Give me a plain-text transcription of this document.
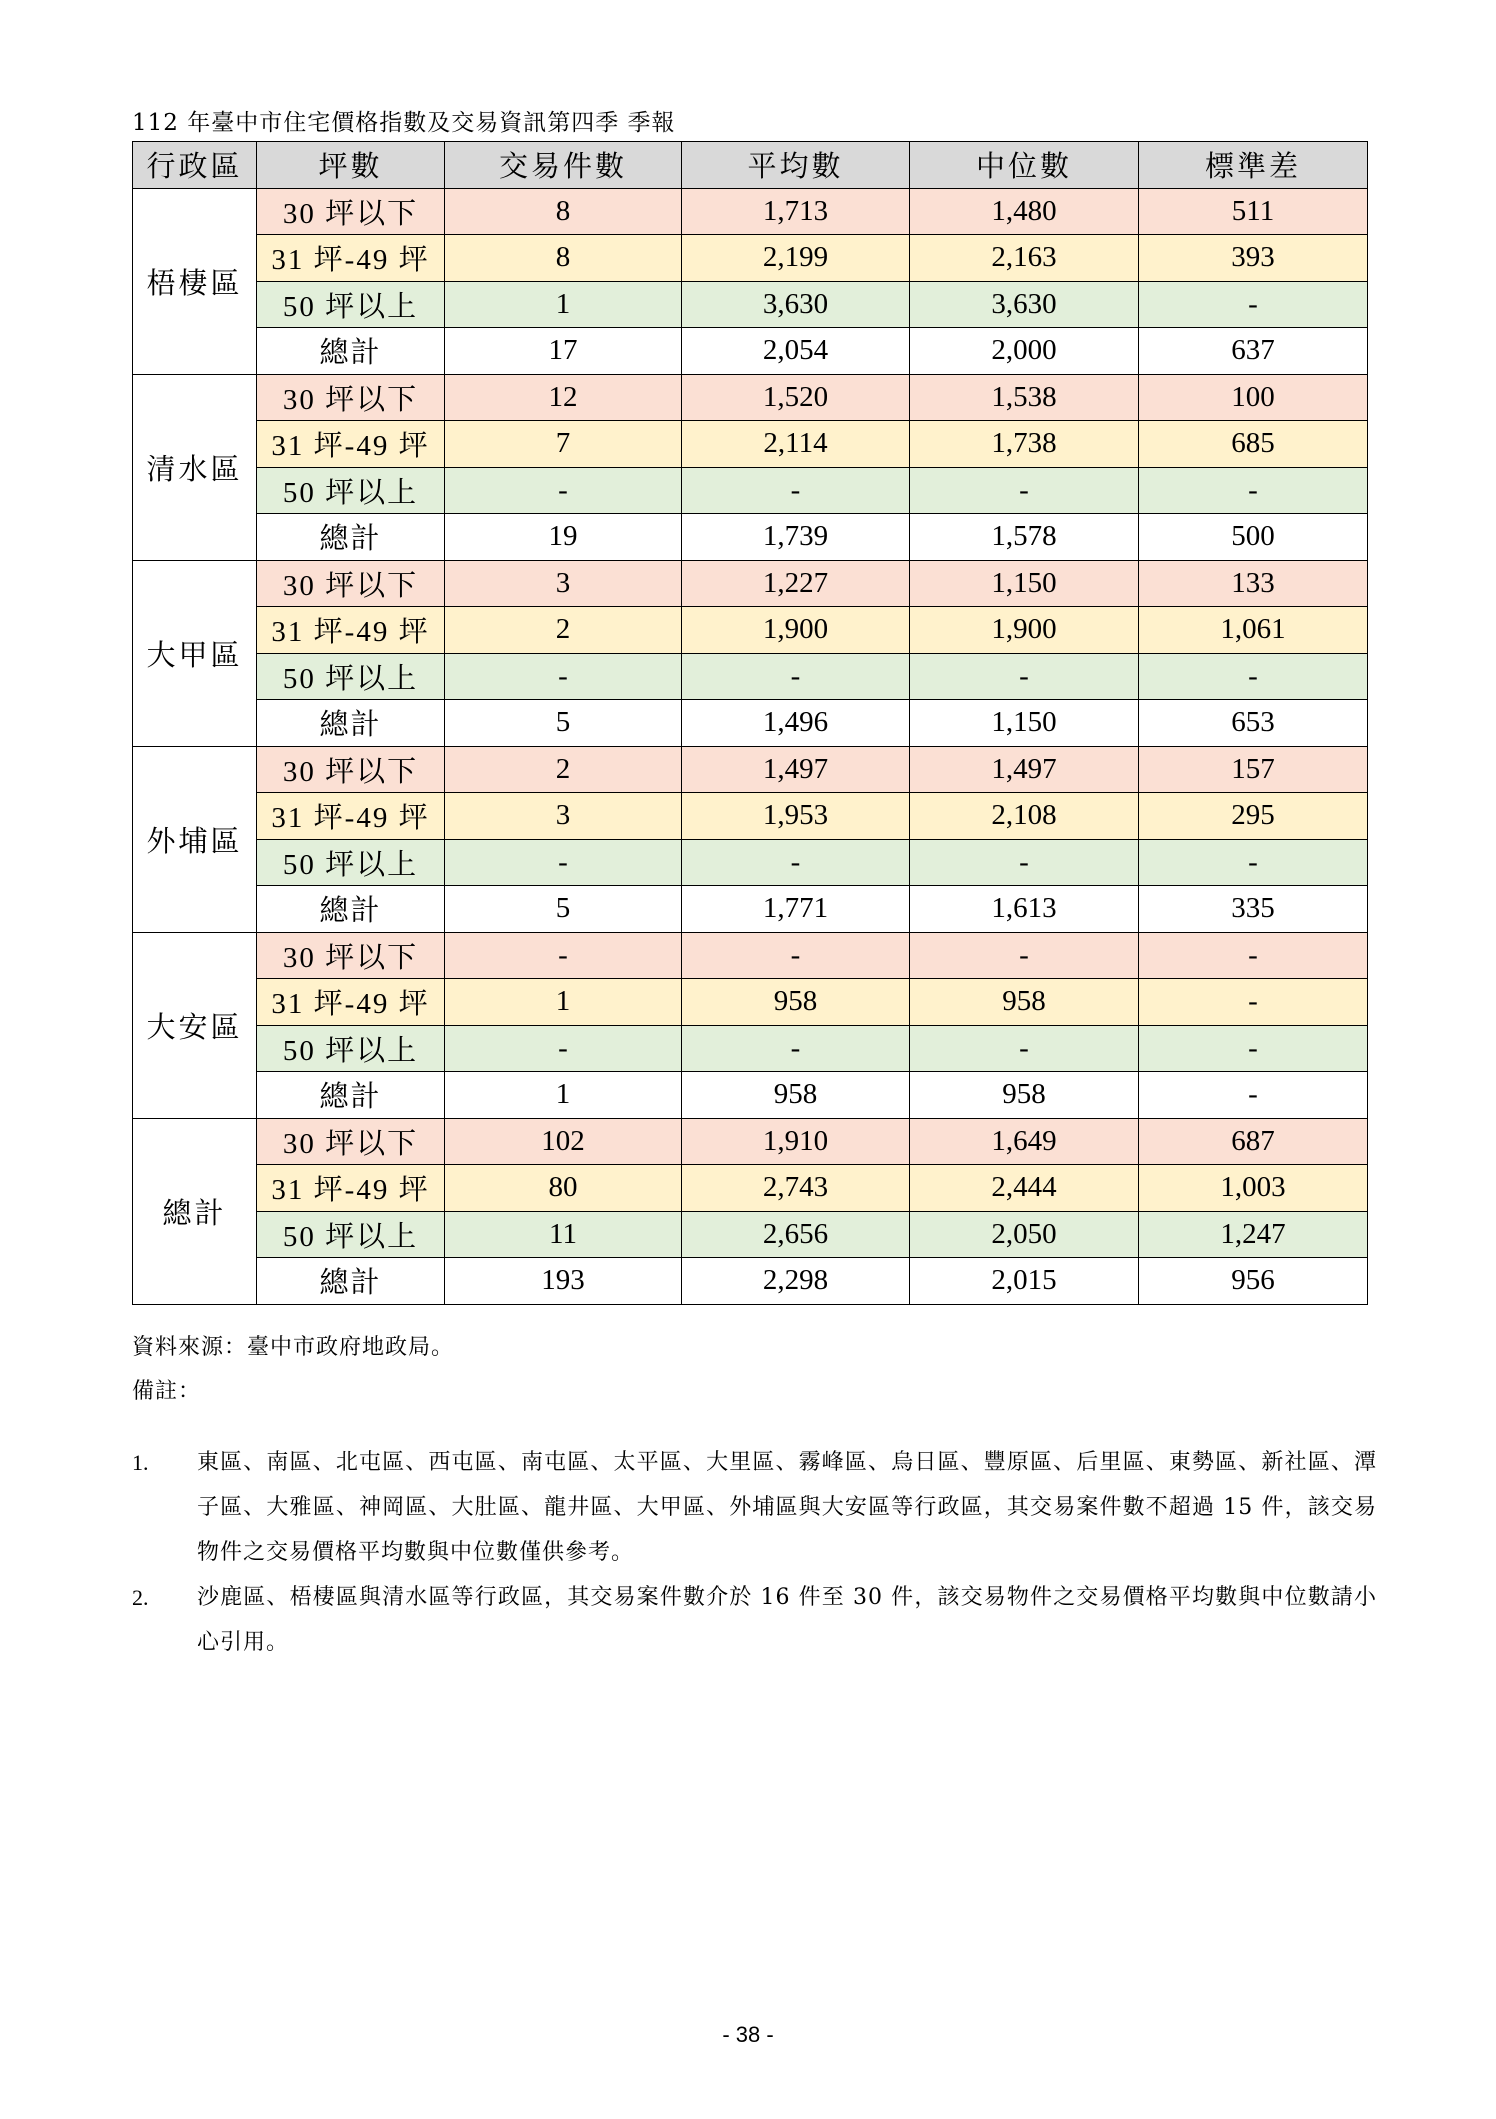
112 年臺中市住宅價格指數及交易資訊第四季 季報
行政區	坪數	交易件數	平均數	中位數	標準差
梧棲區	30 坪以下	8	1,713	1,480	511
	31 坪-49 坪	8	2,199	2,163	393
	50 坪以上	1	3,630	3,630	-
	總計	17	2,054	2,000	637
清水區	30 坪以下	12	1,520	1,538	100
	31 坪-49 坪	7	2,114	1,738	685
	50 坪以上	-	-	-	-
	總計	19	1,739	1,578	500
大甲區	30 坪以下	3	1,227	1,150	133
	31 坪-49 坪	2	1,900	1,900	1,061
	50 坪以上	-	-	-	-
	總計	5	1,496	1,150	653
外埔區	30 坪以下	2	1,497	1,497	157
	31 坪-49 坪	3	1,953	2,108	295
	50 坪以上	-	-	-	-
	總計	5	1,771	1,613	335
大安區	30 坪以下	-	-	-	-
	31 坪-49 坪	1	958	958	-
	50 坪以上	-	-	-	-
	總計	1	958	958	-
總計	30 坪以下	102	1,910	1,649	687
	31 坪-49 坪	80	2,743	2,444	1,003
	50 坪以上	11	2,656	2,050	1,247
	總計	193	2,298	2,015	956
資料來源：臺中市政府地政局。
備註：
1.	東區、南區、北屯區、西屯區、南屯區、太平區、大里區、霧峰區、烏日區、豐原區、后里區、東勢區、新社區、潭子區、大雅區、神岡區、大肚區、龍井區、大甲區、外埔區與大安區等行政區，其交易案件數不超過 15 件，該交易物件之交易價格平均數與中位數僅供參考。
2.	沙鹿區、梧棲區與清水區等行政區，其交易案件數介於 16 件至 30 件，該交易物件之交易價格平均數與中位數請小心引用。
- 38 -
